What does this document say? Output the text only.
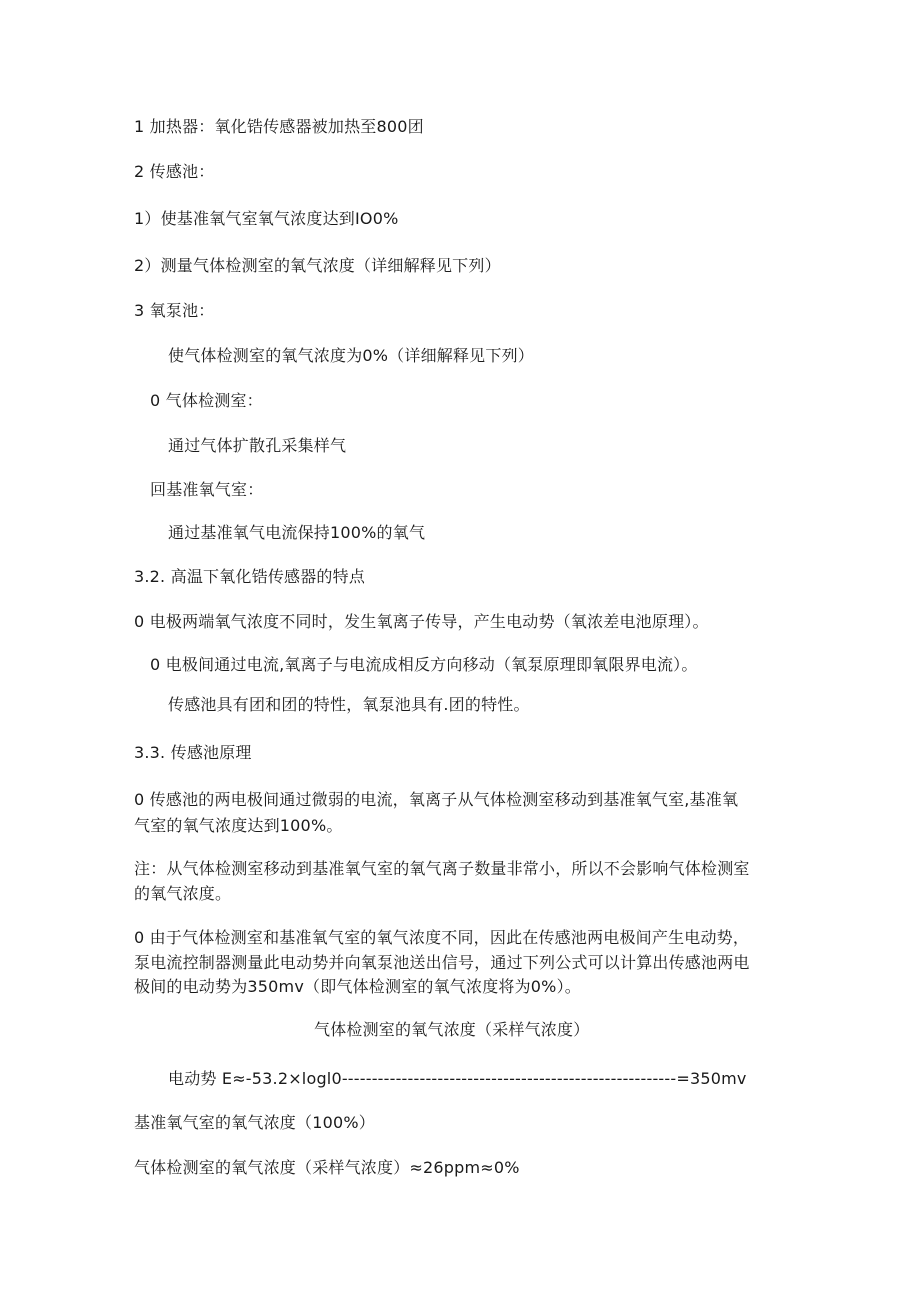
1 加热器：氧化锆传感器被加热至800团

2 传感池：

1）使基准氧气室氧气浓度达到IO0%

2）测量气体检测室的氧气浓度（详细解释见下列）

3 氧泵池：

使气体检测室的氧气浓度为0%（详细解释见下列）

0 气体检测室：

通过气体扩散孔采集样气

回基准氧气室：

通过基准氧气电流保持100%的氧气

3.2. 高温下氧化锆传感器的特点

0 电极两端氧气浓度不同时，发生氧离子传导，产生电动势（氧浓差电池原理）。

0 电极间通过电流,氧离子与电流成相反方向移动（氧泵原理即氧限界电流）。

传感池具有团和团的特性，氧泵池具有.团的特性。

3.3. 传感池原理

0 传感池的两电极间通过微弱的电流，氧离子从气体检测室移动到基准氧气室,基准氧

气室的氧气浓度达到100%。

注：从气体检测室移动到基准氧气室的氧气离子数量非常小，所以不会影响气体检测室

的氧气浓度。

0 由于气体检测室和基准氧气室的氧气浓度不同，因此在传感池两电极间产生电动势，

泵电流控制器测量此电动势并向氧泵池送出信号，通过下列公式可以计算出传感池两电

极间的电动势为350mv（即气体检测室的氧气浓度将为0%）。

气体检测室的氧气浓度（采样气浓度）

电动势 E≈-53.2×logl0--------------------------------------------------------=350mv

基准氧气室的氧气浓度（100%）

气体检测室的氧气浓度（采样气浓度）≈26ppm≈0%
